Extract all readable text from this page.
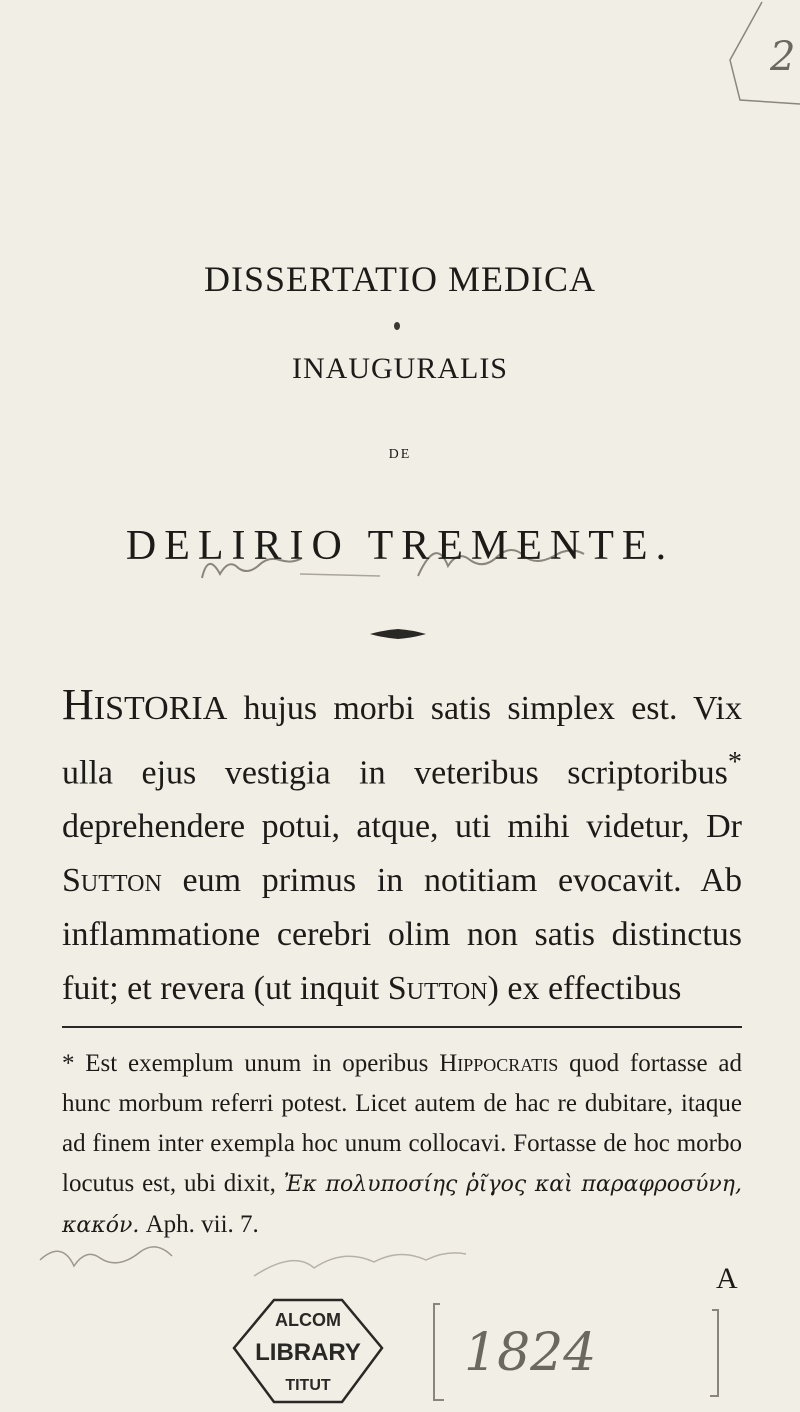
2
DISSERTATIO MEDICA
INAUGURALIS
DE
DELIRIO TREMENTE.

HISTORIA hujus morbi satis simplex est. Vix ulla ejus vestigia in veteribus scriptoribus* deprehendere potui, atque, uti mihi videtur, Dr Sutton eum primus in notitiam evocavit. Ab inflammatione cerebri olim non satis distinctus fuit; et revera (ut inquit Sutton) ex effectibus

* Est exemplum unum in operibus Hippocratis quod fortasse ad hunc morbum referri potest. Licet autem de hac re dubitare, itaque ad finem inter exempla hoc unum collocavi. Fortasse de hoc morbo locutus est, ubi dixit, Ἐκ πολυποσίης ῥῖγος καὶ παραφροσύνη, κακόν. Aph. vii. 7.

A
ALCOM
LIBRARY
TITUT
1824
